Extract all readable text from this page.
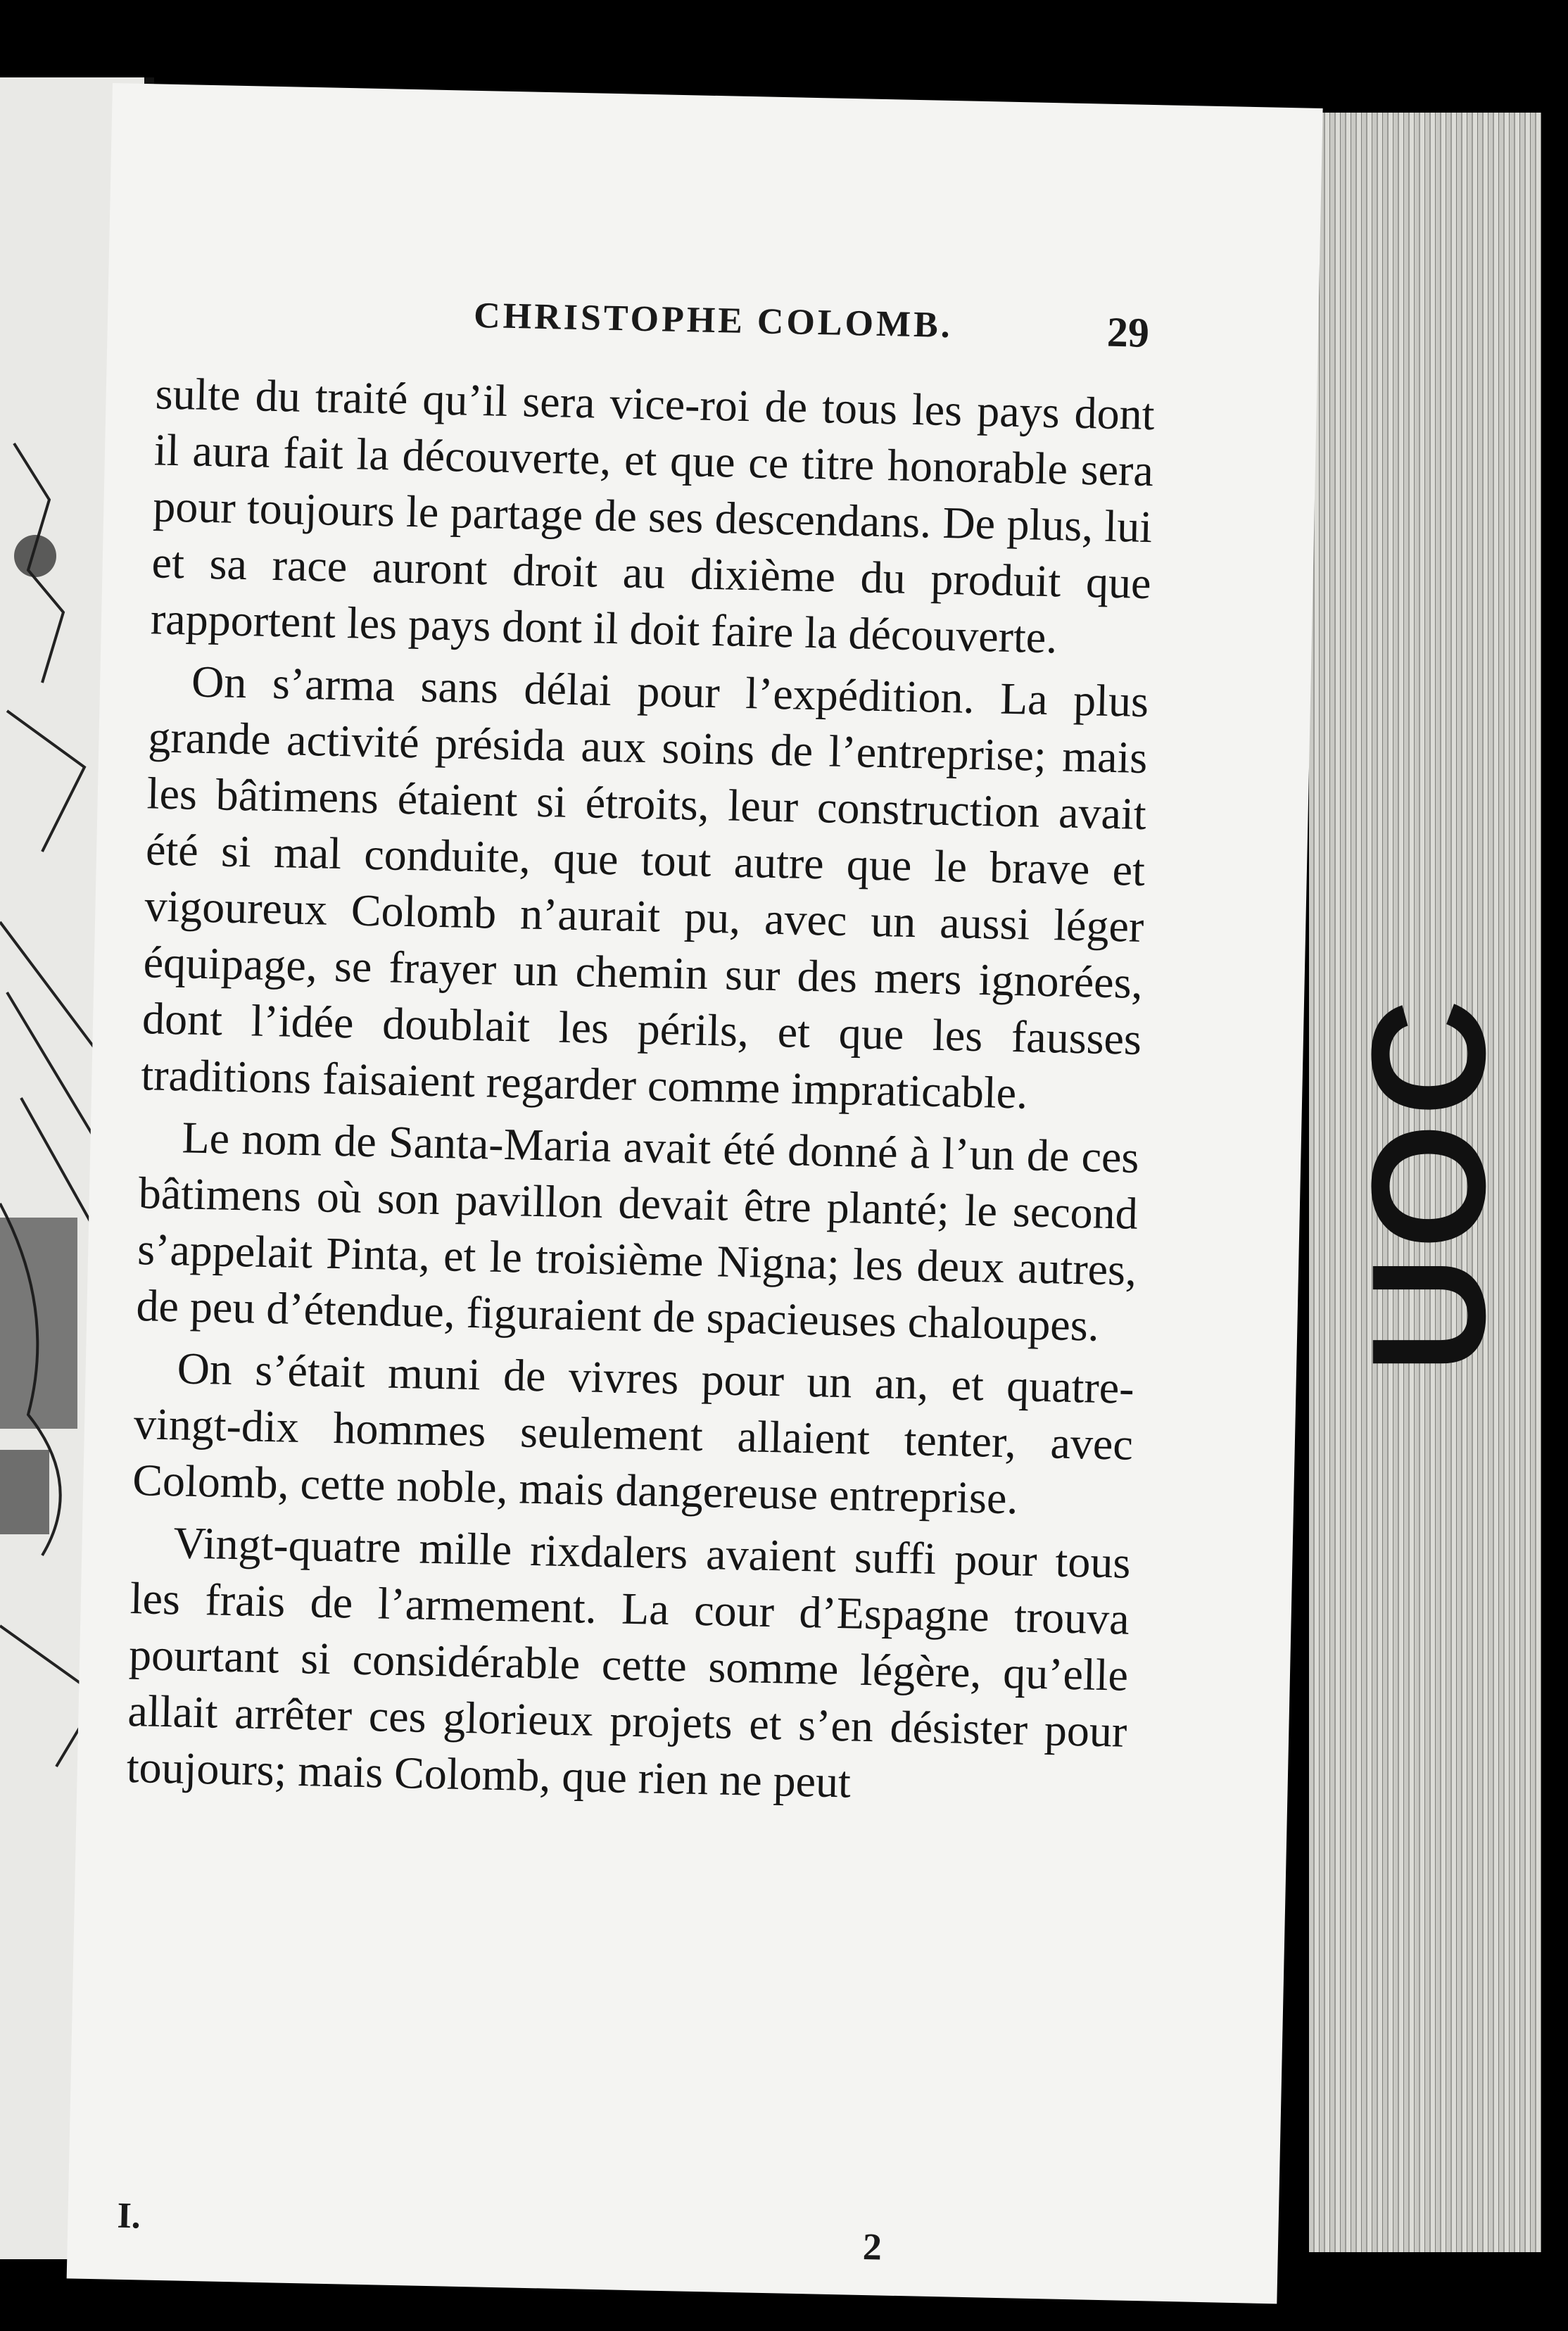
UOC
CHRISTOPHE COLOMB.	29

sulte du traité qu’il sera vice-roi de tous les pays dont il aura fait la découverte, et que ce titre honorable sera pour toujours le partage de ses descendans. De plus, lui et sa race auront droit au dixième du produit que rapportent les pays dont il doit faire la découverte.

On s’arma sans délai pour l’expédition. La plus grande activité présida aux soins de l’entreprise; mais les bâtimens étaient si étroits, leur construction avait été si mal conduite, que tout autre que le brave et vigoureux Colomb n’aurait pu, avec un aussi léger équipage, se frayer un chemin sur des mers ignorées, dont l’idée doublait les périls, et que les fausses traditions faisaient regarder comme impraticable.

Le nom de Santa-Maria avait été donné à l’un de ces bâtimens où son pavillon devait être planté; le second s’appelait Pinta, et le troisième Nigna; les deux autres, de peu d’étendue, figuraient de spacieuses chaloupes.

On s’était muni de vivres pour un an, et quatre-vingt-dix hommes seulement allaient tenter, avec Colomb, cette noble, mais dangereuse entreprise.

Vingt-quatre mille rixdalers avaient suffi pour tous les frais de l’armement. La cour d’Espagne trouva pourtant si considérable cette somme légère, qu’elle allait arrêter ces glorieux projets et s’en désister pour toujours; mais Colomb, que rien ne peut

I.
2
